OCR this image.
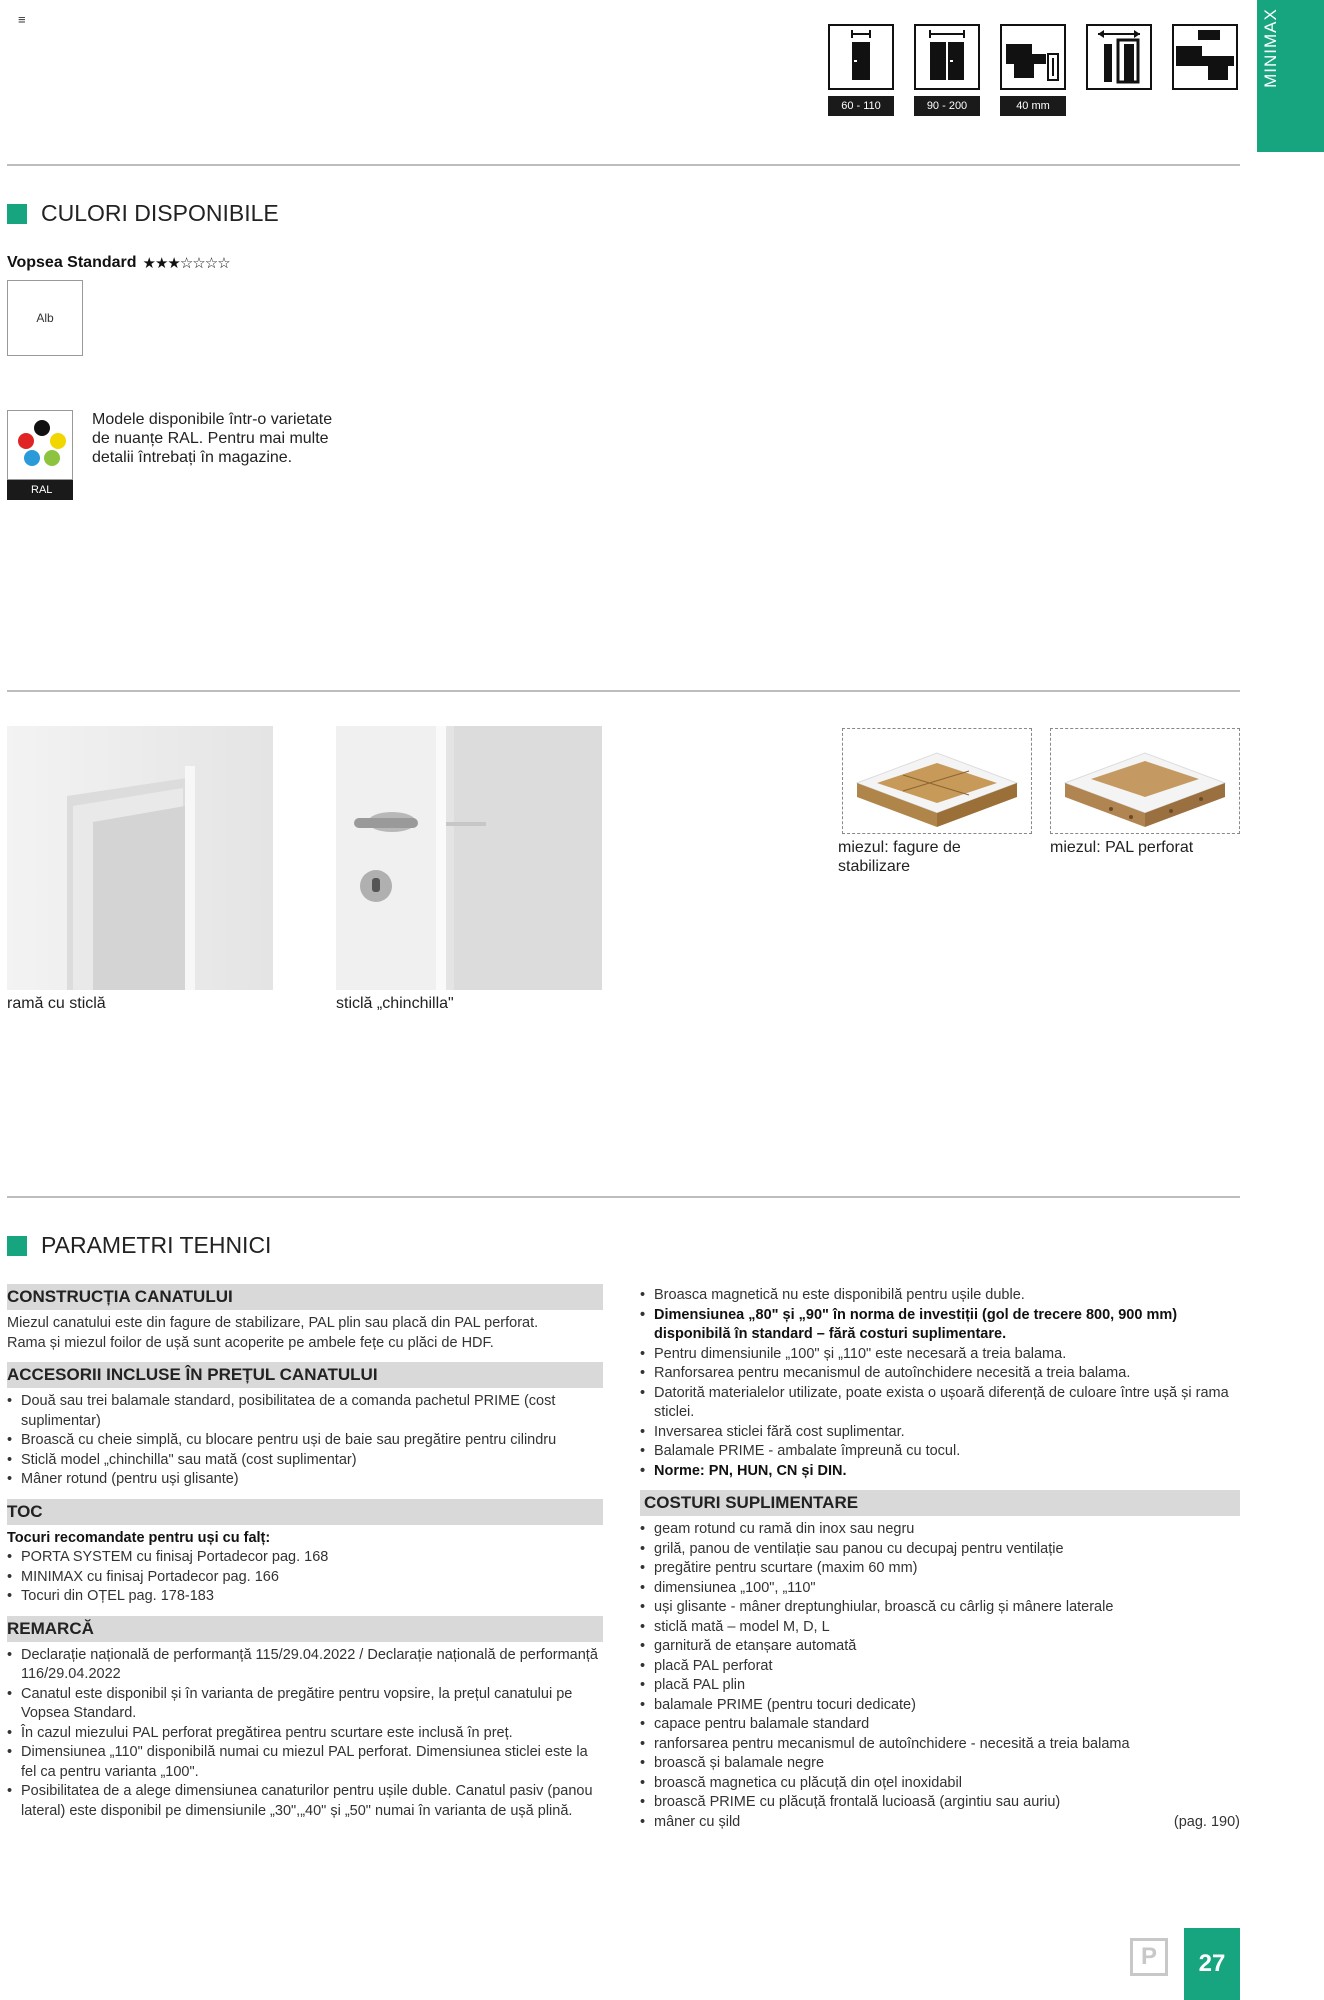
≡
60 - 110	90 - 200	40 mm
MINIMAX
CULORI DISPONIBILE
Vopsea Standard ★★★☆☆☆☆
Alb
RAL
Modele disponibile într-o varietate
de nuanțe RAL. Pentru mai multe
detalii întrebați în magazine.
ramă cu sticlă	sticlă „chinchilla"
miezul: fagure de
stabilizare
miezul: PAL perforat
PARAMETRI TEHNICI
CONSTRUCȚIA CANATULUI

Miezul canatului este din fagure de stabilizare, PAL plin sau placă din PAL perforat.

Rama și miezul foilor de ușă sunt acoperite pe ambele fețe cu plăci de HDF.

ACCESORII INCLUSE ÎN PREȚUL CANATULUI
• Două sau trei balamale standard, posibilitatea de a comanda pachetul PRIME (cost suplimentar)
• Broască cu cheie simplă, cu blocare pentru uși de baie sau pregătire pentru cilindru
• Sticlă model „chinchilla" sau mată (cost suplimentar)
• Mâner rotund (pentru uși glisante)
TOC

Tocuri recomandate pentru uși cu falț:

• PORTA SYSTEM cu finisaj Portadecor pag. 168
• MINIMAX cu finisaj Portadecor pag. 166
• Tocuri din OȚEL pag. 178-183
REMARCĂ
• Declarație națională de performanță 115/29.04.2022 / Declarație națională de performanță 116/29.04.2022
• Canatul este disponibil și în varianta de pregătire pentru vopsire, la prețul canatului pe Vopsea Standard.
• În cazul miezului PAL perforat pregătirea pentru scurtare este inclusă în preț.
• Dimensiunea „110" disponibilă numai cu miezul PAL perforat. Dimensiunea sticlei este la fel ca pentru varianta „100".
• Posibilitatea de a alege dimensiunea canaturilor pentru ușile duble. Canatul pasiv (panou lateral) este disponibil pe dimensiunile „30",„40" și „50" numai în varianta de ușă plină.
• Broasca magnetică nu este disponibilă pentru ușile duble.
• Dimensiunea „80" și „90" în norma de investiții (gol de trecere 800, 900 mm) disponibilă în standard – fără costuri suplimentare.
• Pentru dimensiunile „100" și „110" este necesară a treia balama.
• Ranforsarea pentru mecanismul de autoînchidere necesită a treia balama.
• Datorită materialelor utilizate, poate exista o ușoară diferență de culoare între ușă și rama sticlei.
• Inversarea sticlei fără cost suplimentar.
• Balamale PRIME - ambalate împreună cu tocul.
• Norme: PN, HUN, CN și DIN.
COSTURI SUPLIMENTARE
• geam rotund cu ramă din inox sau negru
• grilă, panou de ventilație sau panou cu decupaj pentru ventilație
• pregătire pentru scurtare (maxim 60 mm)
• dimensiunea „100", „110"
• uși glisante - mâner dreptunghiular, broască cu cârlig și mânere laterale
• sticlă mată – model M, D, L
• garnitură de etanșare automată
• placă PAL perforat
• placă PAL plin
• balamale PRIME (pentru tocuri dedicate)
• capace pentru balamale standard
• ranforsarea pentru mecanismul de autoînchidere - necesită a treia balama
• broască și balamale negre
• broască magnetica cu plăcuță din oțel inoxidabil
• broască PRIME cu plăcuță frontală lucioasă (argintiu sau auriu)
• mâner cu șild	(pag. 190)
P 27
